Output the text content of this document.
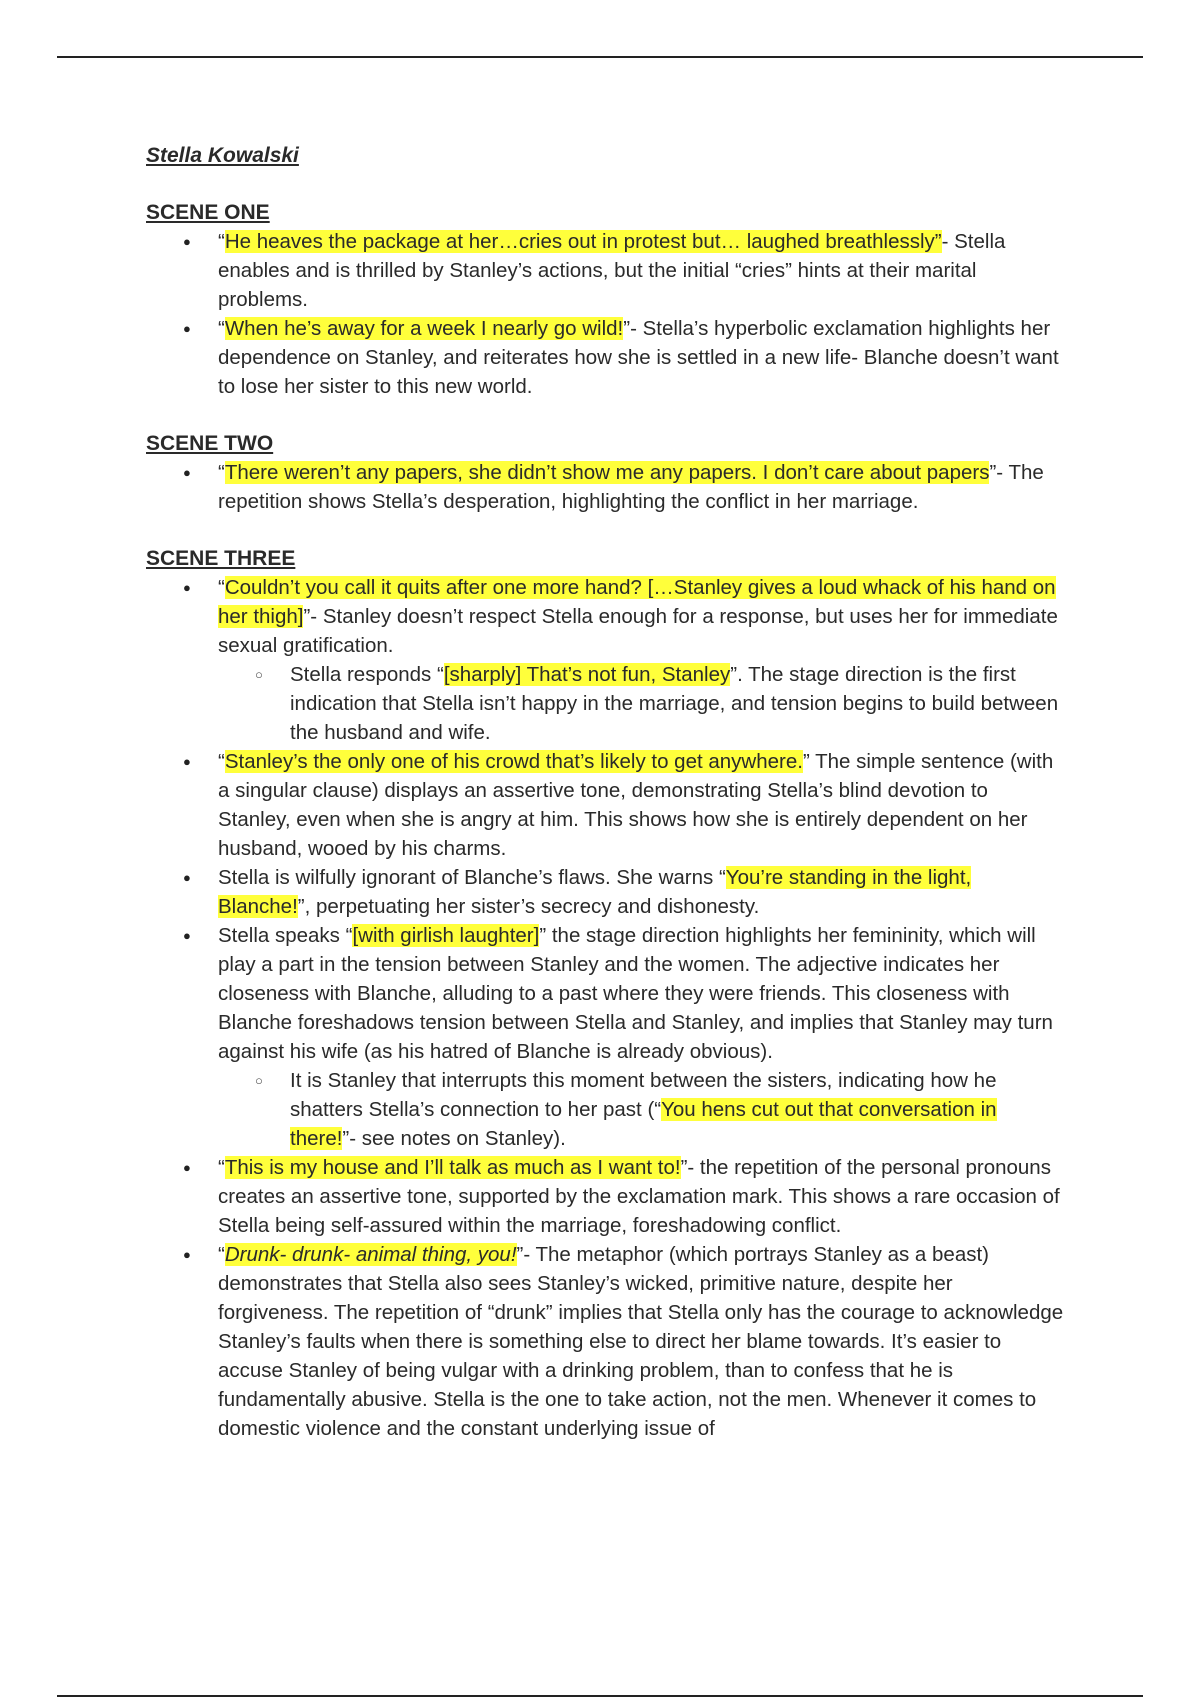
Stella Kowalski

SCENE ONE

● “He heaves the package at her…cries out in protest but… laughed breathlessly”- Stella enables and is thrilled by Stanley’s actions, but the initial “cries” hints at their marital problems.
● “When he’s away for a week I nearly go wild!”- Stella’s hyperbolic exclamation highlights her dependence on Stanley, and reiterates how she is settled in a new life- Blanche doesn’t want to lose her sister to this new world.

SCENE TWO

● “There weren’t any papers, she didn’t show me any papers. I don’t care about papers”- The repetition shows Stella’s desperation, highlighting the conflict in her marriage.

SCENE THREE

● “Couldn’t you call it quits after one more hand? […Stanley gives a loud whack of his hand on her thigh]”- Stanley doesn’t respect Stella enough for a response, but uses her for immediate sexual gratification.
○ Stella responds “[sharply] That’s not fun, Stanley”. The stage direction is the first indication that Stella isn’t happy in the marriage, and tension begins to build between the husband and wife.
● “Stanley’s the only one of his crowd that’s likely to get anywhere.” The simple sentence (with a singular clause) displays an assertive tone, demonstrating Stella’s blind devotion to Stanley, even when she is angry at him. This shows how she is entirely dependent on her husband, wooed by his charms.
● Stella is wilfully ignorant of Blanche’s flaws. She warns “You’re standing in the light, Blanche!”, perpetuating her sister’s secrecy and dishonesty.
● Stella speaks “[with girlish laughter]” the stage direction highlights her femininity, which will play a part in the tension between Stanley and the women. The adjective indicates her closeness with Blanche, alluding to a past where they were friends. This closeness with Blanche foreshadows tension between Stella and Stanley, and implies that Stanley may turn against his wife (as his hatred of Blanche is already obvious).
○ It is Stanley that interrupts this moment between the sisters, indicating how he shatters Stella’s connection to her past (“You hens cut out that conversation in there!”- see notes on Stanley).
● “This is my house and I’ll talk as much as I want to!”- the repetition of the personal pronouns creates an assertive tone, supported by the exclamation mark. This shows a rare occasion of Stella being self-assured within the marriage, foreshadowing conflict.
● “Drunk- drunk- animal thing, you!”- The metaphor (which portrays Stanley as a beast) demonstrates that Stella also sees Stanley’s wicked, primitive nature, despite her forgiveness. The repetition of “drunk” implies that Stella only has the courage to acknowledge Stanley’s faults when there is something else to direct her blame towards. It’s easier to accuse Stanley of being vulgar with a drinking problem, than to confess that he is fundamentally abusive. Stella is the one to take action, not the men. Whenever it comes to domestic violence and the constant underlying issue of
